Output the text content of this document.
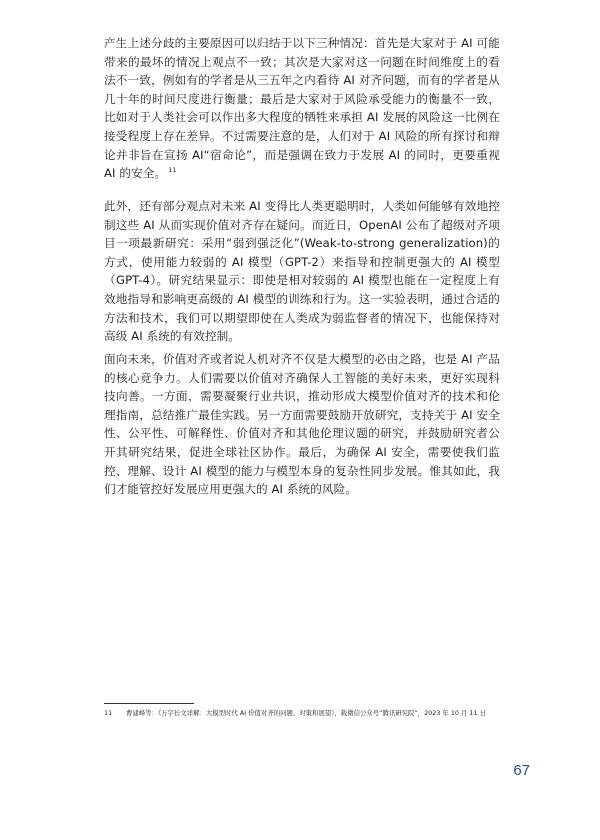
产生上述分歧的主要原因可以归结于以下三种情况：首先是大家对于 AI 可能带来的最坏的情况上观点不一致；其次是大家对这一问题在时间维度上的看法不一致，例如有的学者是从三五年之内看待 AI 对齐问题，而有的学者是从几十年的时间尺度进行衡量；最后是大家对于风险承受能力的衡量不一致，比如对于人类社会可以作出多大程度的牺牲来承担 AI 发展的风险这一比例在接受程度上存在差异。不过需要注意的是，人们对于 AI 风险的所有探讨和辩论并非旨在宣扬 AI“宿命论”，而是强调在致力于发展 AI 的同时，更要重视 AI 的安全。 $^{11}$

此外，还有部分观点对未来 AI 变得比人类更聪明时，人类如何能够有效地控制这些 AI 从而实现价值对齐存在疑问。而近日，OpenAI 公布了超级对齐项目一项最新研究：采用“弱到强泛化”(Weak-to-strong generalization)的方式，使用能力较弱的 AI 模型（GPT-2）来指导和控制更强大的 AI 模型（GPT-4）。研究结果显示：即使是相对较弱的 AI 模型也能在一定程度上有效地指导和影响更高级的 AI 模型的训练和行为。这一实验表明，通过合适的方法和技术，我们可以期望即使在人类成为弱监督者的情况下，也能保持对高级 AI 系统的有效控制。

面向未来，价值对齐或者说人机对齐不仅是大模型的必由之路，也是 AI 产品的核心竞争力。人们需要以价值对齐确保人工智能的美好未来，更好实现科技向善。一方面，需要凝聚行业共识，推动形成大模型价值对齐的技术和伦理指南，总结推广最佳实践。另一方面需要鼓励开放研究，支持关于 AI 安全性、公平性、可解释性、价值对齐和其他伦理议题的研究，并鼓励研究者公开其研究结果，促进全球社区协作。最后，为确保 AI 安全，需要使我们监控、理解、设计 AI 模型的能力与模型本身的复杂性同步发展。惟其如此，我们才能管控好发展应用更强大的 AI 系统的风险。

11 曹建峰等：《万字长文详解：大模型时代 AI 价值对齐的问题、对策和展望》，载微信公众号“腾讯研究院”，2023 年 10 月 11 日
67
